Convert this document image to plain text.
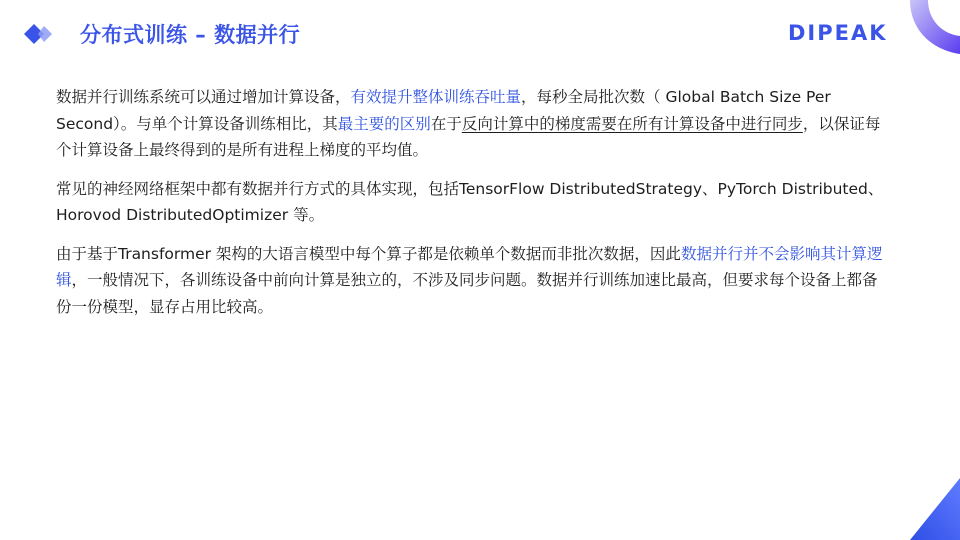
分布式训练 – 数据并行	DIPEAK

数据并行训练系统可以通过增加计算设备，有效提升整体训练吞吐量，每秒全局批次数（ Global Batch Size Per Second）。与单个计算设备训练相比，其最主要的区别在于反向计算中的梯度需要在所有计算设备中进行同步，以保证每个计算设备上最终得到的是所有进程上梯度的平均值。

常见的神经网络框架中都有数据并行方式的具体实现，包括TensorFlow DistributedStrategy、PyTorch Distributed、Horovod DistributedOptimizer 等。

由于基于Transformer 架构的大语言模型中每个算子都是依赖单个数据而非批次数据，因此数据并行并不会影响其计算逻辑，一般情况下，各训练设备中前向计算是独立的，不涉及同步问题。数据并行训练加速比最高，但要求每个设备上都备份一份模型，显存占用比较高。
